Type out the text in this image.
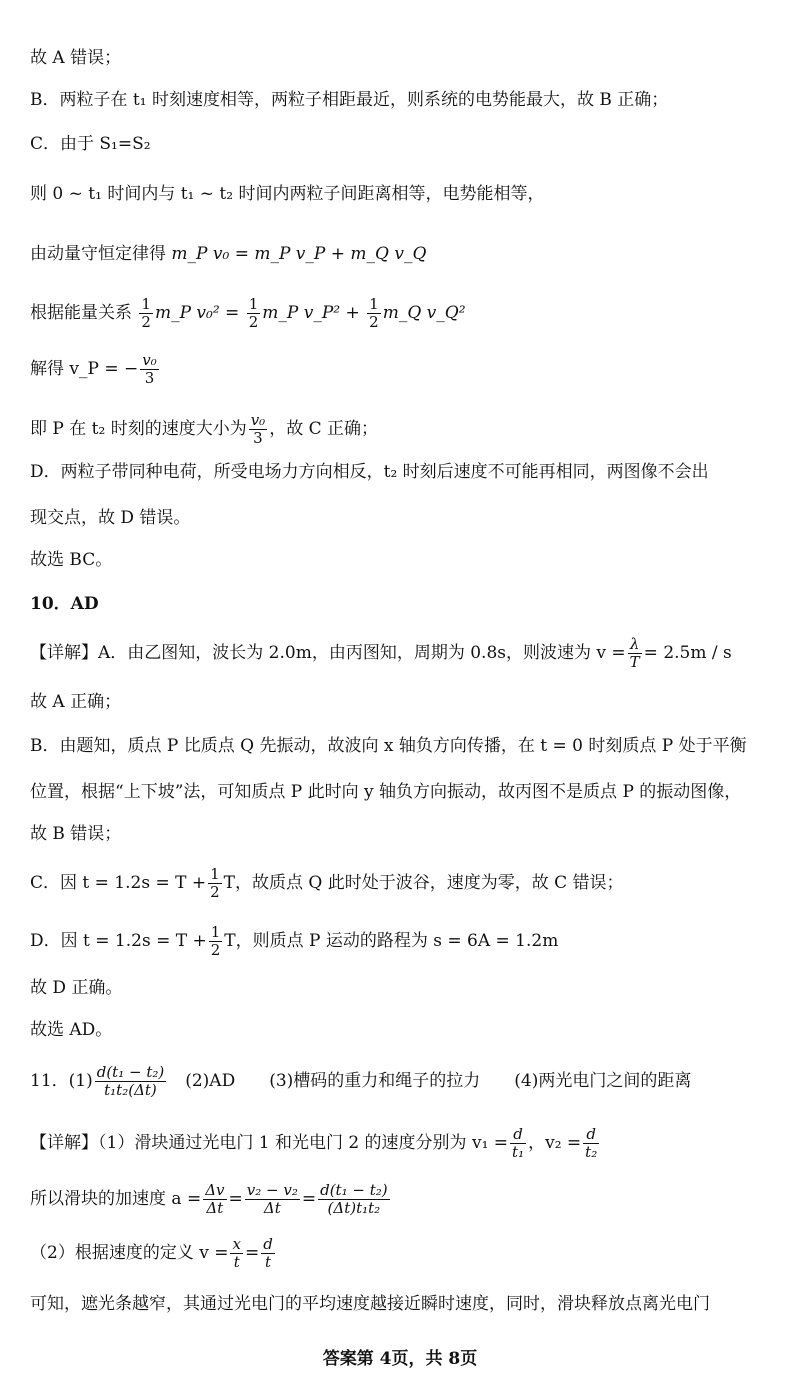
故 A 错误；
B．两粒子在 t₁ 时刻速度相等，两粒子相距最近，则系统的电势能最大，故 B 正确；
C．由于 S₁=S₂
则 0 ~ t₁ 时间内与 t₁ ~ t₂ 时间内两粒子间距离相等，电势能相等，
由动量守恒定律得 m_P v₀ = m_P v_P + m_Q v_Q
根据能量关系 $\frac{1}{2}$ m_P $v_0^2 = \frac{1}{2}$ m_P v_P² + $\frac{1}{2}$ m_Q v_Q²
解得 v_P = − $\frac{\text{v₀}}{3}$
即 P 在 t₂ 时刻的速度大小为 $\frac{\text{v₀}}{3}$ ，故 C 正确；
D．两粒子带同种电荷，所受电场力方向相反，t₂ 时刻后速度不可能再相同，两图像不会出
现交点，故 D 错误。
故选 BC。
10．AD
【详解】A．由乙图知，波长为 2.0m，由丙图知，周期为 0.8s，则波速为 $v = \frac{\lambda}{T} = 2.5m / s$
故 A 正确；
B．由题知，质点 P 比质点 Q 先振动，故波向 x 轴负方向传播，在 t = 0 时刻质点 P 处于平衡
位置，根据“上下坡”法，可知质点 P 此时向 y 轴负方向振动，故丙图不是质点 P 的振动图像，
故 B 错误；
C．因 $t = 1.2s = T + \frac{1}{2}$ T，故质点 Q 此时处于波谷，速度为零，故 C 错误；
D．因 $t = 1.2s = T + \frac{1}{2}$ T，则质点 P 运动的路程为 s = 6A = 1.2m
故 D 正确。
故选 AD。
11．$(1) \frac{\text{d(t₁ − t₂)}}{\text{t₁t₂(Δt)}}$
　 (2)AD　　(3)槽码的重力和绳子的拉力　　(4)两光电门之间的距离
【详解】（1）滑块通过光电门 1 和光电门 2 的速度分别为 $v_1 = \frac{d}{\text{t₁}}$ ，$v_2 = \frac{d}{\text{t₂}}$
所以滑块的加速度 $a = \frac{\Delta v}{\Delta t} = \frac{\text{v₂ − v₂}}{\Delta t} = \frac{\text{d(t₁ − t₂)}}{\text{(Δt)t₁t₂}}$
（2）根据速度的定义 $v = \frac{x}{t} = \frac{d}{t}$
可知，遮光条越窄，其通过光电门的平均速度越接近瞬时速度，同时，滑块释放点离光电门
答案第 4页，共 8页
